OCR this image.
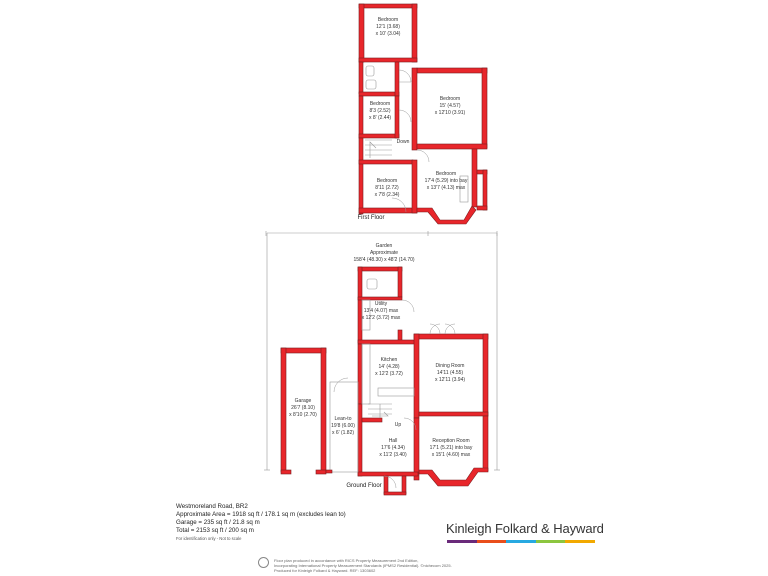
Bedroom
12'1 (3.68)
x 10' (3.04)
Bedroom
15' (4.57)
x 12'10 (3.91)
Bedroom
8'3 (2.52)
x 8' (2.44)
Bedroom
17'4 (5.29) into bay
x 13'7 (4.13) max
Bedroom
8'11 (2.72)
x 7'8 (2.34)
Down
First Floor
Garden
Approximate
158'4 (48.30) x 48'2 (14.70)
Utility
13'4 (4.07) max
x 12'2 (3.72) max
Kitchen
14' (4.28)
x 12'2 (3.72)
Dining Room
14'11 (4.55)
x 12'11 (3.94)
Garage
26'7 (8.10)
x 8'10 (2.70)
Lean-to
19'8 (6.00)
x 6' (1.82)
Hall
17'6 (4.34)
x 11'2 (3.40)
Reception Room
17'1 (5.21) into bay
x 15'1 (4.60) max
Up
Ground Floor
Westmoreland Road, BR2
Approximate Area = 1918 sq ft / 178.1 sq m (excludes lean to)
Garage = 235 sq ft / 21.8 sq m
Total = 2153 sq ft / 200 sq m
For identification only - Not to scale
Kinleigh Folkard & Hayward
Floor plan produced in accordance with RICS Property Measurement 2nd Edition,
Incorporating International Property Measurement Standards (IPMS2 Residential). ©nichecom 2025.
Produced for Kinleigh Folkard & Hayward. REF: 1303602
